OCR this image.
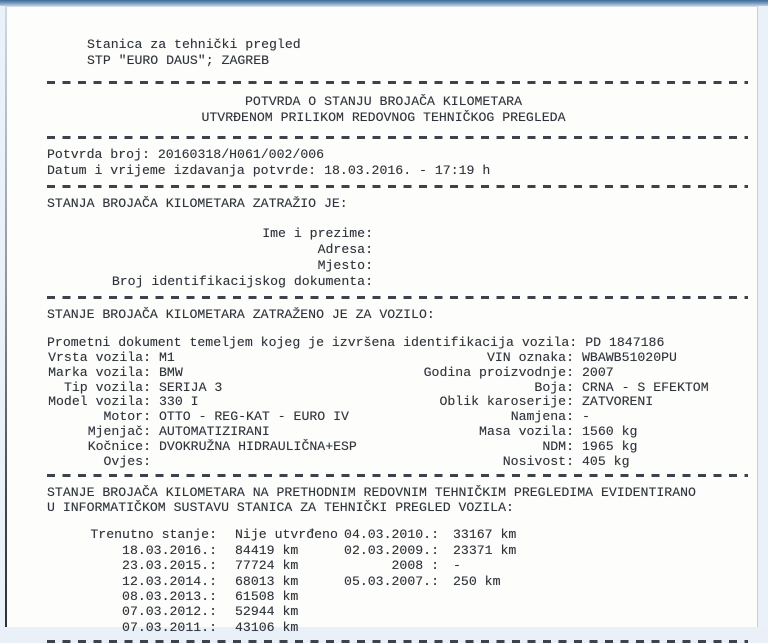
Stanica za tehnički pregled
STP "EURO DAUS"; ZAGREB
POTVRDA O STANJU BROJAČA KILOMETARA
UTVRĐENOM PRILIKOM REDOVNOG TEHNIČKOG PREGLEDA
Potvrda broj: 20160318/H061/002/006
Datum i vrijeme izdavanja potvrde: 18.03.2016. - 17:19 h
STANJA BROJAČA KILOMETARA ZATRAŽIO JE:
Ime i prezime:
Adresa:
Mjesto:
Broj identifikacijskog dokumenta:
STANJE BROJAČA KILOMETARA ZATRAŽENO JE ZA VOZILO:
Prometni dokument temeljem kojeg je izvršena identifikacija vozila: PD 1847186
Vrsta vozila: M1	VIN oznaka: WBAWB51020PU
Marka vozila: BMW	Godina proizvodnje: 2007
Tip vozila: SERIJA 3	Boja: CRNA - S EFEKTOM
Model vozila: 330 I	Oblik karoserije: ZATVORENI
Motor: OTTO - REG-KAT - EURO IV	Namjena: -
Mjenjač: AUTOMATIZIRANI	Masa vozila: 1560 kg
Kočnice: DVOKRUŽNA HIDRAULIČNA+ESP	NDM: 1965 kg
Ovjes:	Nosivost: 405 kg
STANJE BROJAČA KILOMETARA NA PRETHODNIM REDOVNIM TEHNIČKIM PREGLEDIMA EVIDENTIRANO
U INFORMATIČKOM SUSTAVU STANICA ZA TEHNIČKI PREGLED VOZILA:
Trenutno stanje: Nije utvrđeno 04.03.2010.: 33167 km
18.03.2016.: 84419 km	02.03.2009.: 23371 km
23.03.2015.: 77724 km	2008 : -
12.03.2014.: 68013 km	05.03.2007.: 250 km
08.03.2013.: 61508 km
07.03.2012.: 52944 km
07.03.2011.: 43106 km
